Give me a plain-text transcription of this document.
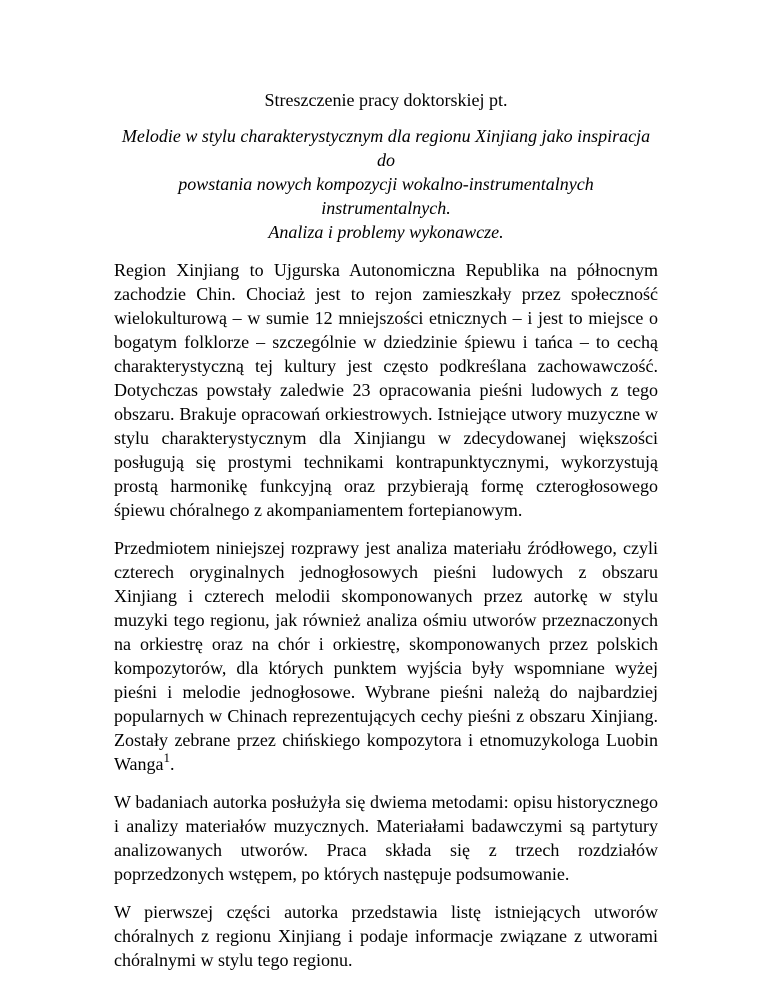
Streszczenie pracy doktorskiej pt.

Melodie w stylu charakterystycznym dla regionu Xinjiang jako inspiracja do
powstania nowych kompozycji wokalno-instrumentalnych instrumentalnych.
Analiza i problemy wykonawcze.

Region Xinjiang to Ujgurska Autonomiczna Republika na północnym zachodzie Chin. Chociaż jest to rejon zamieszkały przez społeczność wielokulturową – w sumie 12 mniejszości etnicznych – i jest to miejsce o bogatym folklorze – szczególnie w dziedzinie śpiewu i tańca – to cechą charakterystyczną tej kultury jest często podkreślana zachowawczość. Dotychczas powstały zaledwie 23 opracowania pieśni ludowych z tego obszaru. Brakuje opracowań orkiestrowych. Istniejące utwory muzyczne w stylu charakterystycznym dla Xinjiangu w zdecydowanej większości posługują się prostymi technikami kontrapunktycznymi, wykorzystują prostą harmonikę funkcyjną oraz przybierają formę czterogłosowego śpiewu chóralnego z akompaniamentem fortepianowym.

Przedmiotem niniejszej rozprawy jest analiza materiału źródłowego, czyli czterech oryginalnych jednogłosowych pieśni ludowych z obszaru Xinjiang i czterech melodii skomponowanych przez autorkę w stylu muzyki tego regionu, jak również analiza ośmiu utworów przeznaczonych na orkiestrę oraz na chór i orkiestrę, skomponowanych przez polskich kompozytorów, dla których punktem wyjścia były wspomniane wyżej pieśni i melodie jednogłosowe. Wybrane pieśni należą do najbardziej popularnych w Chinach reprezentujących cechy pieśni z obszaru Xinjiang. Zostały zebrane przez chińskiego kompozytora i etnomuzykologa Luobin Wanga$^1$.

W badaniach autorka posłużyła się dwiema metodami: opisu historycznego i analizy materiałów muzycznych. Materiałami badawczymi są partytury analizowanych utworów. Praca składa się z trzech rozdziałów poprzedzonych wstępem, po których następuje podsumowanie.

W pierwszej części autorka przedstawia listę istniejących utworów chóralnych z regionu Xinjiang i podaje informacje związane z utworami chóralnymi w stylu tego regionu.
